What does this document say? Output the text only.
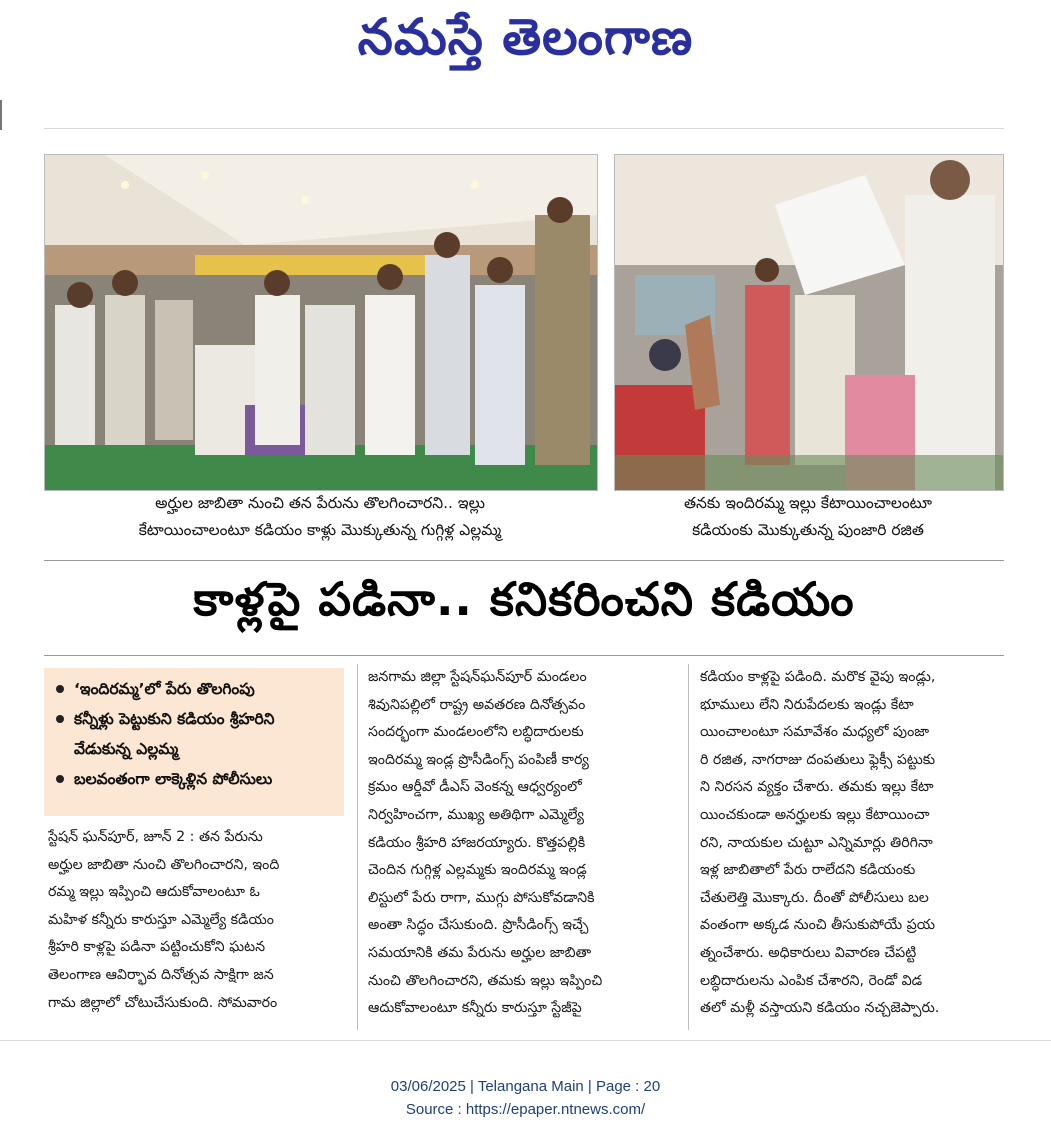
నమస్తే తెలంగాణ
అర్హుల జాబితా నుంచి తన పేరును తొలగించారని.. ఇల్లు
కేటాయించాలంటూ కడియం కాళ్లు మొక్కుతున్న గుగ్గిళ్ల ఎల్లమ్మ
తనకు ఇందిరమ్మ ఇల్లు కేటాయించాలంటూ
కడియంకు మొక్కుతున్న పుంజారి రజిత
కాళ్లపై పడినా.. కనికరించని కడియం
‘ఇందిరమ్మ’లో పేరు తొలగింపు
కన్నీళ్లు పెట్టుకుని కడియం శ్రీహరిని వేడుకున్న ఎల్లమ్మ
బలవంతంగా లాక్కెళ్లిన పోలీసులు
స్టేషన్ ఘన్‌పూర్, జూన్ 2 : తన పేరును
అర్హుల జాబితా నుంచి తొలగించారని, ఇంది
రమ్మ ఇల్లు ఇప్పించి ఆదుకోవాలంటూ ఓ
మహిళ కన్నీరు కారుస్తూ ఎమ్మెల్యే కడియం
శ్రీహరి కాళ్లపై పడినా పట్టించుకోని ఘటన
తెలంగాణ ఆవిర్భావ దినోత్సవ సాక్షిగా జన
గామ జిల్లాలో చోటుచేసుకుంది. సోమవారం
జనగామ జిల్లా స్టేషన్‌ఘన్‌పూర్ మండలం
శివునిపల్లిలో రాష్ట్ర అవతరణ దినోత్సవం
సందర్భంగా మండలంలోని లబ్ధిదారులకు
ఇందిరమ్మ ఇండ్ల ప్రొసీడింగ్స్ పంపిణీ కార్య
క్రమం ఆర్డీవో డీఎస్ వెంకన్న ఆధ్వర్యంలో
నిర్వహించగా, ముఖ్య అతిథిగా ఎమ్మెల్యే
కడియం శ్రీహరి హాజరయ్యారు. కొత్తపల్లికి
చెందిన గుగ్గిళ్ల ఎల్లమ్మకు ఇందిరమ్మ ఇండ్ల
లిస్టులో పేరు రాగా, ముగ్గు పోసుకోవడానికి
అంతా సిద్ధం చేసుకుంది. ప్రొసీడింగ్స్ ఇచ్చే
సమయానికి తమ పేరును అర్హుల జాబితా
నుంచి తొలగించారని, తమకు ఇల్లు ఇప్పించి
ఆదుకోవాలంటూ కన్నీరు కారుస్తూ స్టేజీపై
కడియం కాళ్లపై పడింది. మరొక వైపు ఇండ్లు,
భూములు లేని నిరుపేదలకు ఇండ్లు కేటా
యించాలంటూ సమావేశం మధ్యలో పుంజా
రి రజిత, నాగరాజు దంపతులు ఫ్లెక్సీ పట్టుకు
ని నిరసన వ్యక్తం చేశారు. తమకు ఇల్లు కేటా
యించకుండా అనర్హులకు ఇల్లు కేటాయించా
రని, నాయకుల చుట్టూ ఎన్నిమార్లు తిరిగినా
ఇళ్ల జాబితాలో పేరు రాలేదని కడియంకు
చేతులెత్తి మొక్కారు. దీంతో పోలీసులు బల
వంతంగా అక్కడ నుంచి తీసుకుపోయే ప్రయ
త్నంచేశారు. అధికారులు వివారణ చేపట్టి
లబ్ధిదారులను ఎంపిక చేశారని, రెండో విడ
తలో మళ్లీ వస్తాయని కడియం నచ్చజెప్పారు.
03/06/2025 | Telangana Main | Page : 20
Source : https://epaper.ntnews.com/
